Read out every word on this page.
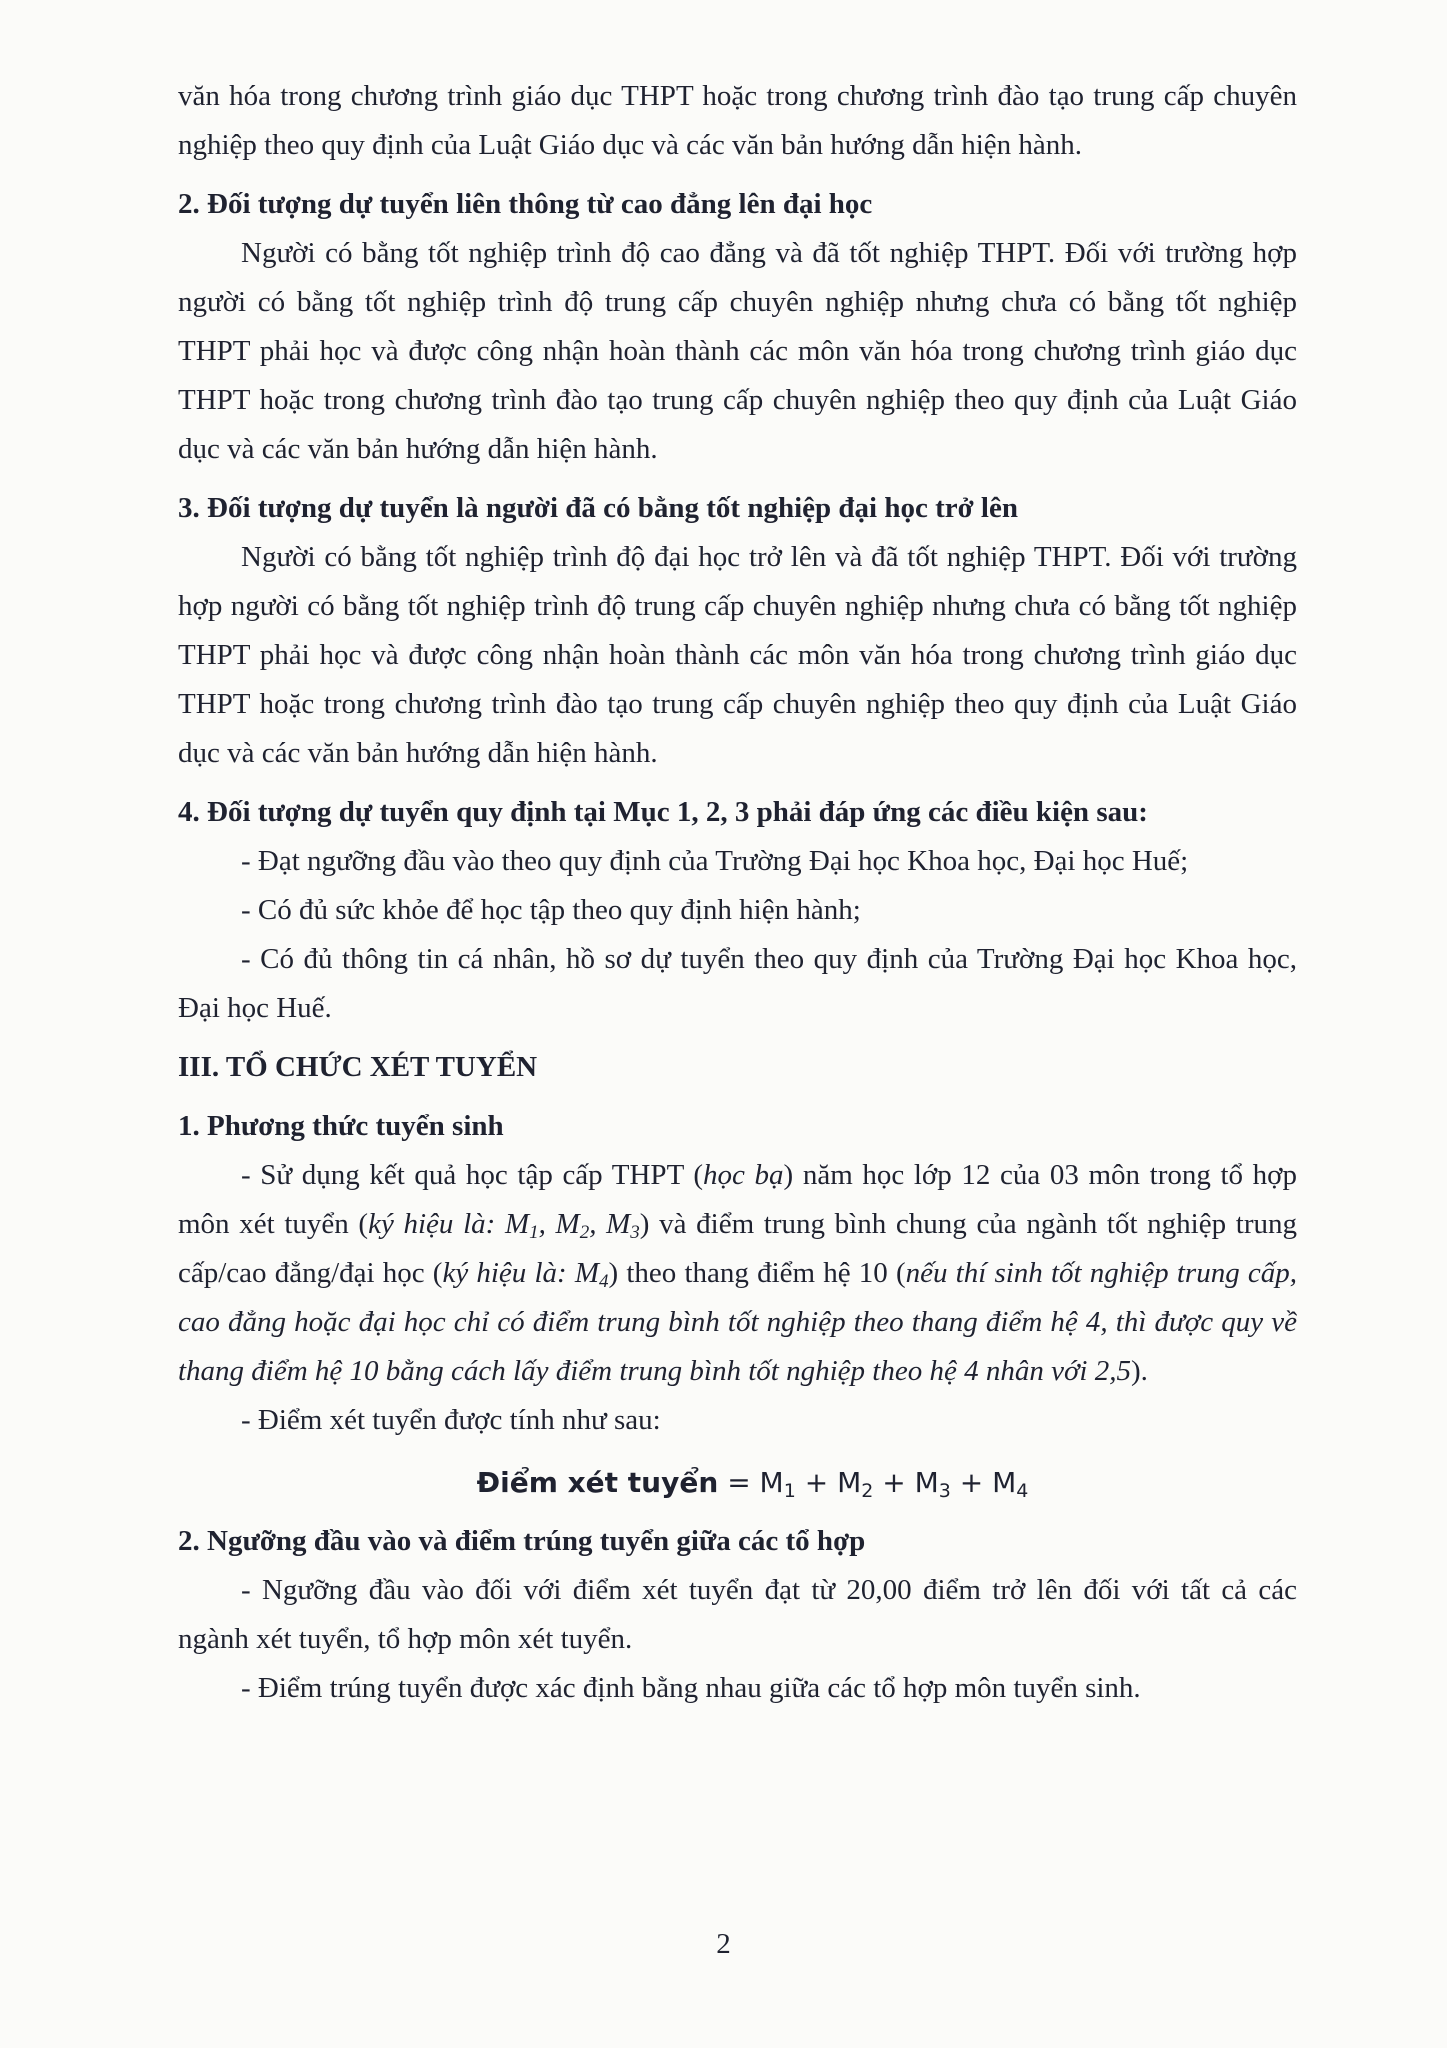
văn hóa trong chương trình giáo dục THPT hoặc trong chương trình đào tạo trung cấp chuyên nghiệp theo quy định của Luật Giáo dục và các văn bản hướng dẫn hiện hành.

2. Đối tượng dự tuyển liên thông từ cao đẳng lên đại học

Người có bằng tốt nghiệp trình độ cao đẳng và đã tốt nghiệp THPT. Đối với trường hợp người có bằng tốt nghiệp trình độ trung cấp chuyên nghiệp nhưng chưa có bằng tốt nghiệp THPT phải học và được công nhận hoàn thành các môn văn hóa trong chương trình giáo dục THPT hoặc trong chương trình đào tạo trung cấp chuyên nghiệp theo quy định của Luật Giáo dục và các văn bản hướng dẫn hiện hành.

3. Đối tượng dự tuyển là người đã có bằng tốt nghiệp đại học trở lên

Người có bằng tốt nghiệp trình độ đại học trở lên và đã tốt nghiệp THPT. Đối với trường hợp người có bằng tốt nghiệp trình độ trung cấp chuyên nghiệp nhưng chưa có bằng tốt nghiệp THPT phải học và được công nhận hoàn thành các môn văn hóa trong chương trình giáo dục THPT hoặc trong chương trình đào tạo trung cấp chuyên nghiệp theo quy định của Luật Giáo dục và các văn bản hướng dẫn hiện hành.

4. Đối tượng dự tuyển quy định tại Mục 1, 2, 3 phải đáp ứng các điều kiện sau:

- Đạt ngưỡng đầu vào theo quy định của Trường Đại học Khoa học, Đại học Huế;

- Có đủ sức khỏe để học tập theo quy định hiện hành;

- Có đủ thông tin cá nhân, hồ sơ dự tuyển theo quy định của Trường Đại học Khoa học, Đại học Huế.

III. TỔ CHỨC XÉT TUYỂN
1. Phương thức tuyển sinh

- Sử dụng kết quả học tập cấp THPT (học bạ) năm học lớp 12 của 03 môn trong tổ hợp môn xét tuyển (ký hiệu là: $M_1$, $M_2$, $M_3$) và điểm trung bình chung của ngành tốt nghiệp trung cấp/cao đẳng/đại học (ký hiệu là: $M_4$) theo thang điểm hệ 10 (nếu thí sinh tốt nghiệp trung cấp, cao đẳng hoặc đại học chỉ có điểm trung bình tốt nghiệp theo thang điểm hệ 4, thì được quy về thang điểm hệ 10 bằng cách lấy điểm trung bình tốt nghiệp theo hệ 4 nhân với 2,5).

- Điểm xét tuyển được tính như sau:

Điểm xét tuyển = $M_1 + M_2 + M_3 + M_4$
2. Ngưỡng đầu vào và điểm trúng tuyển giữa các tổ hợp

- Ngưỡng đầu vào đối với điểm xét tuyển đạt từ 20,00 điểm trở lên đối với tất cả các ngành xét tuyển, tổ hợp môn xét tuyển.

- Điểm trúng tuyển được xác định bằng nhau giữa các tổ hợp môn tuyển sinh.

2
